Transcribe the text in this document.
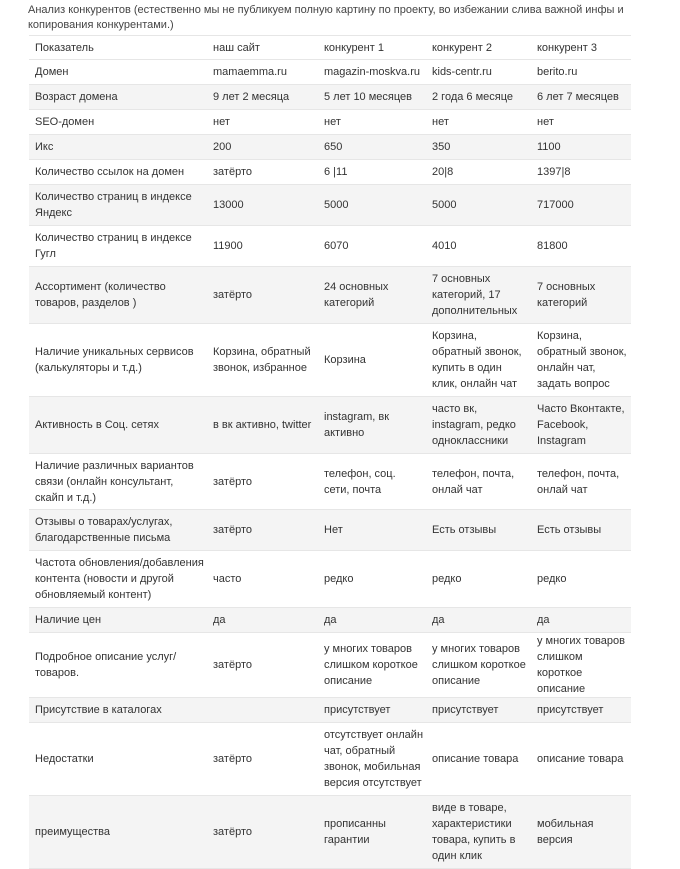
Анализ конкурентов (естественно мы не публикуем полную картину по проекту, во избежании слива важной инфы и копирования конкурентами.)
Показатель	наш сайт	конкурент 1	конкурент 2	конкурент 3
Домен	mamaemma.ru	magazin-moskva.ru	kids-centr.ru	berito.ru
Возраст домена	9 лет 2 месяца	5 лет 10 месяцев	2 года 6 месяце	6 лет 7 месяцев
SEO-домен	нет	нет	нет	нет
Икс	200	650	350	1100
Количество ссылок на домен	затёрто	6 |11	20|8	1397|8
Количество страниц в индексе Яндекс	13000	5000	5000	717000
Количество страниц в индексе Гугл	11900	6070	4010	81800
Ассортимент (количество товаров, разделов )	затёрто	24 основных категорий	7 основных категорий, 17 дополнительных	7 основных категорий
Наличие уникальных сервисов (калькуляторы и т.д.)	Корзина, обратный звонок, избранное	Корзина	Корзина, обратный звонок, купить в один клик, онлайн чат	Корзина, обратный звонок, онлайн чат, задать вопрос
Активность в Соц. сетях	в вк активно, twitter	instagram, вк активно	часто вк, instagram, редко одноклассники	Часто Вконтакте, Facebook, Instagram
Наличие различных вариантов связи (онлайн консультант, скайп и т.д.)	затёрто	телефон, соц. сети, почта	телефон, почта, онлай чат	телефон, почта, онлай чат
Отзывы о товарах/услугах, благодарственные письма	затёрто	Нет	Есть отзывы	Есть отзывы
Частота обновления/добавления контента (новости и другой обновляемый контент)	часто	редко	редко	редко
Наличие цен	да	да	да	да
Подробное описание услуг/ товаров.	затёрто	у многих товаров слишком короткое описание	у многих товаров слишком короткое описание	у многих товаров слишком короткое описание
Присутствие в каталогах		присутствует	присутствует	присутствует
Недостатки	затёрто	отсутствует онлайн чат, обратный звонок, мобильная версия отсутствует	описание товара	описание товара
преимущества	затёрто	прописанны гарантии	виде в товаре, характеристики товара, купить в один клик	мобильная версия
